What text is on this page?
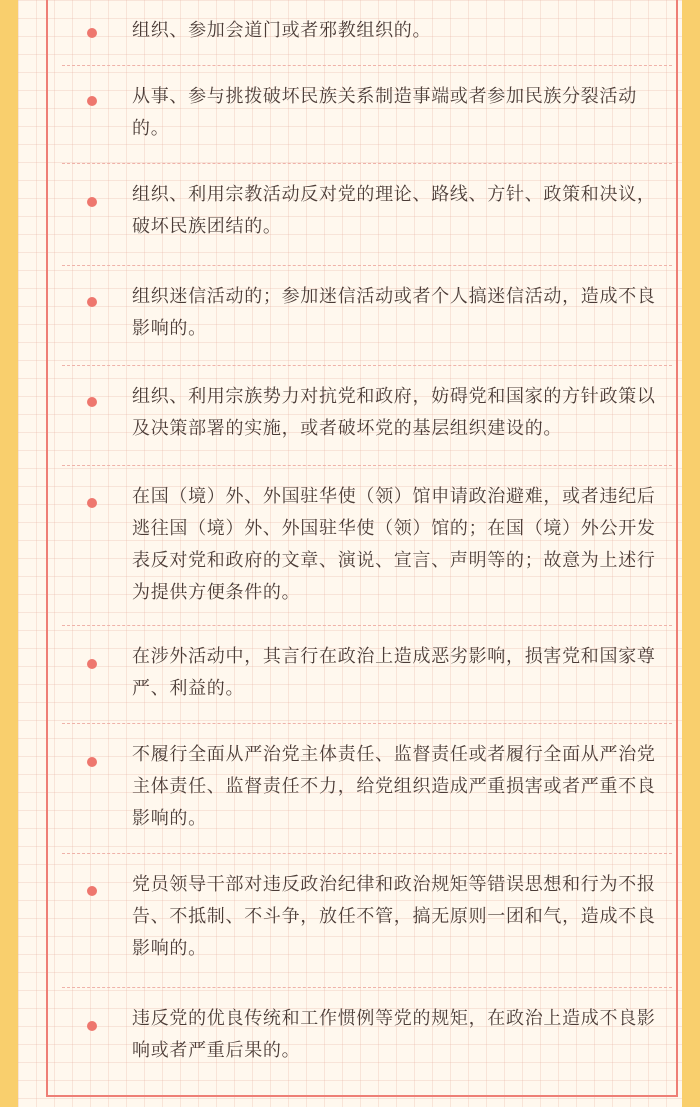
组织、参加会道门或者邪教组织的。
从事、参与挑拨破坏民族关系制造事端或者参加民族分裂活动的。
组织、利用宗教活动反对党的理论、路线、方针、政策和决议，破坏民族团结的。
组织迷信活动的；参加迷信活动或者个人搞迷信活动，造成不良影响的。
组织、利用宗族势力对抗党和政府，妨碍党和国家的方针政策以及决策部署的实施，或者破坏党的基层组织建设的。
在国（境）外、外国驻华使（领）馆申请政治避难，或者违纪后逃往国（境）外、外国驻华使（领）馆的；在国（境）外公开发表反对党和政府的文章、演说、宣言、声明等的；故意为上述行为提供方便条件的。
在涉外活动中，其言行在政治上造成恶劣影响，损害党和国家尊严、利益的。
不履行全面从严治党主体责任、监督责任或者履行全面从严治党主体责任、监督责任不力，给党组织造成严重损害或者严重不良影响的。
党员领导干部对违反政治纪律和政治规矩等错误思想和行为不报告、不抵制、不斗争，放任不管，搞无原则一团和气，造成不良影响的。
违反党的优良传统和工作惯例等党的规矩，在政治上造成不良影响或者严重后果的。
